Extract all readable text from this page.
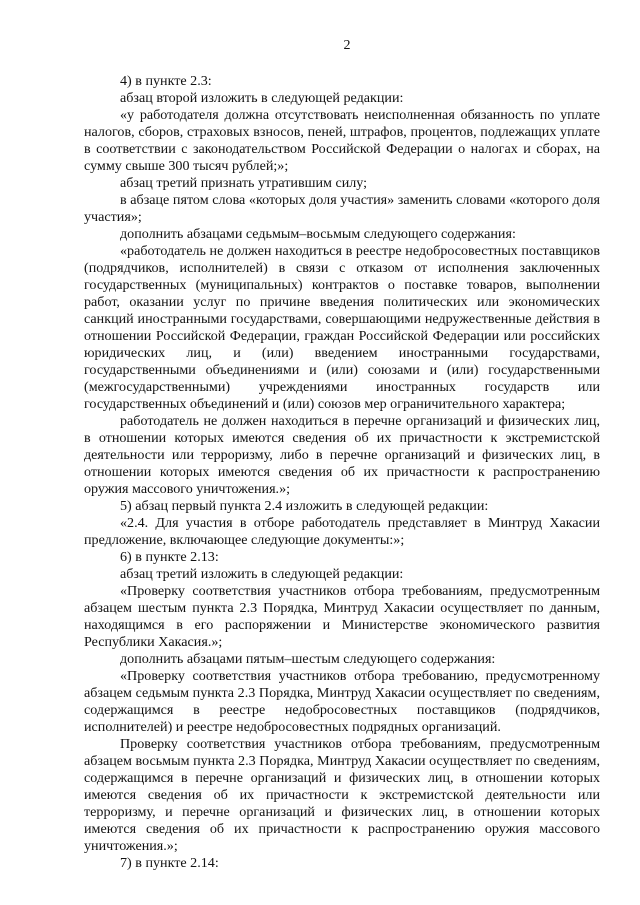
2

4) в пункте 2.3:

абзац второй изложить в следующей редакции:

«у работодателя должна отсутствовать неисполненная обязанность по уплате налогов, сборов, страховых взносов, пеней, штрафов, процентов, подлежащих уплате в соответствии с законодательством Российской Федерации о налогах и сборах, на сумму свыше 300 тысяч рублей;»;

абзац третий признать утратившим силу;

в абзаце пятом слова «которых доля участия» заменить словами «которого доля участия»;

дополнить абзацами седьмым–восьмым следующего содержания:

«работодатель не должен находиться в реестре недобросовестных поставщиков (подрядчиков, исполнителей) в связи с отказом от исполнения заключенных государственных (муниципальных) контрактов о поставке товаров, выполнении работ, оказании услуг по причине введения политических или экономических санкций иностранными государствами, совершающими недружественные действия в отношении Российской Федерации, граждан Российской Федерации или российских юридических лиц, и (или) введением иностранными государствами, государственными объединениями и (или) союзами и (или) государственными (межгосударственными) учреждениями иностранных государств или государственных объединений и (или) союзов мер ограничительного характера;

работодатель не должен находиться в перечне организаций и физических лиц, в отношении которых имеются сведения об их причастности к экстремистской деятельности или терроризму, либо в перечне организаций и физических лиц, в отношении которых имеются сведения об их причастности к распространению оружия массового уничтожения.»;

5) абзац первый пункта 2.4 изложить в следующей редакции:

«2.4. Для участия в отборе работодатель представляет в Минтруд Хакасии предложение, включающее следующие документы:»;

6) в пункте 2.13:

абзац третий изложить в следующей редакции:

«Проверку соответствия участников отбора требованиям, предусмотренным абзацем шестым пункта 2.3 Порядка, Минтруд Хакасии осуществляет по данным, находящимся в его распоряжении и Министерстве экономического развития Республики Хакасия.»;

дополнить абзацами пятым–шестым следующего содержания:

«Проверку соответствия участников отбора требованию, предусмотренному абзацем седьмым пункта 2.3 Порядка, Минтруд Хакасии осуществляет по сведениям, содержащимся в реестре недобросовестных поставщиков (подрядчиков, исполнителей) и реестре недобросовестных подрядных организаций.

Проверку соответствия участников отбора требованиям, предусмотренным абзацем восьмым пункта 2.3 Порядка, Минтруд Хакасии осуществляет по сведениям, содержащимся в перечне организаций и физических лиц, в отношении которых имеются сведения об их причастности к экстремистской деятельности или терроризму, и перечне организаций и физических лиц, в отношении которых имеются сведения об их причастности к распространению оружия массового уничтожения.»;

7) в пункте 2.14:
